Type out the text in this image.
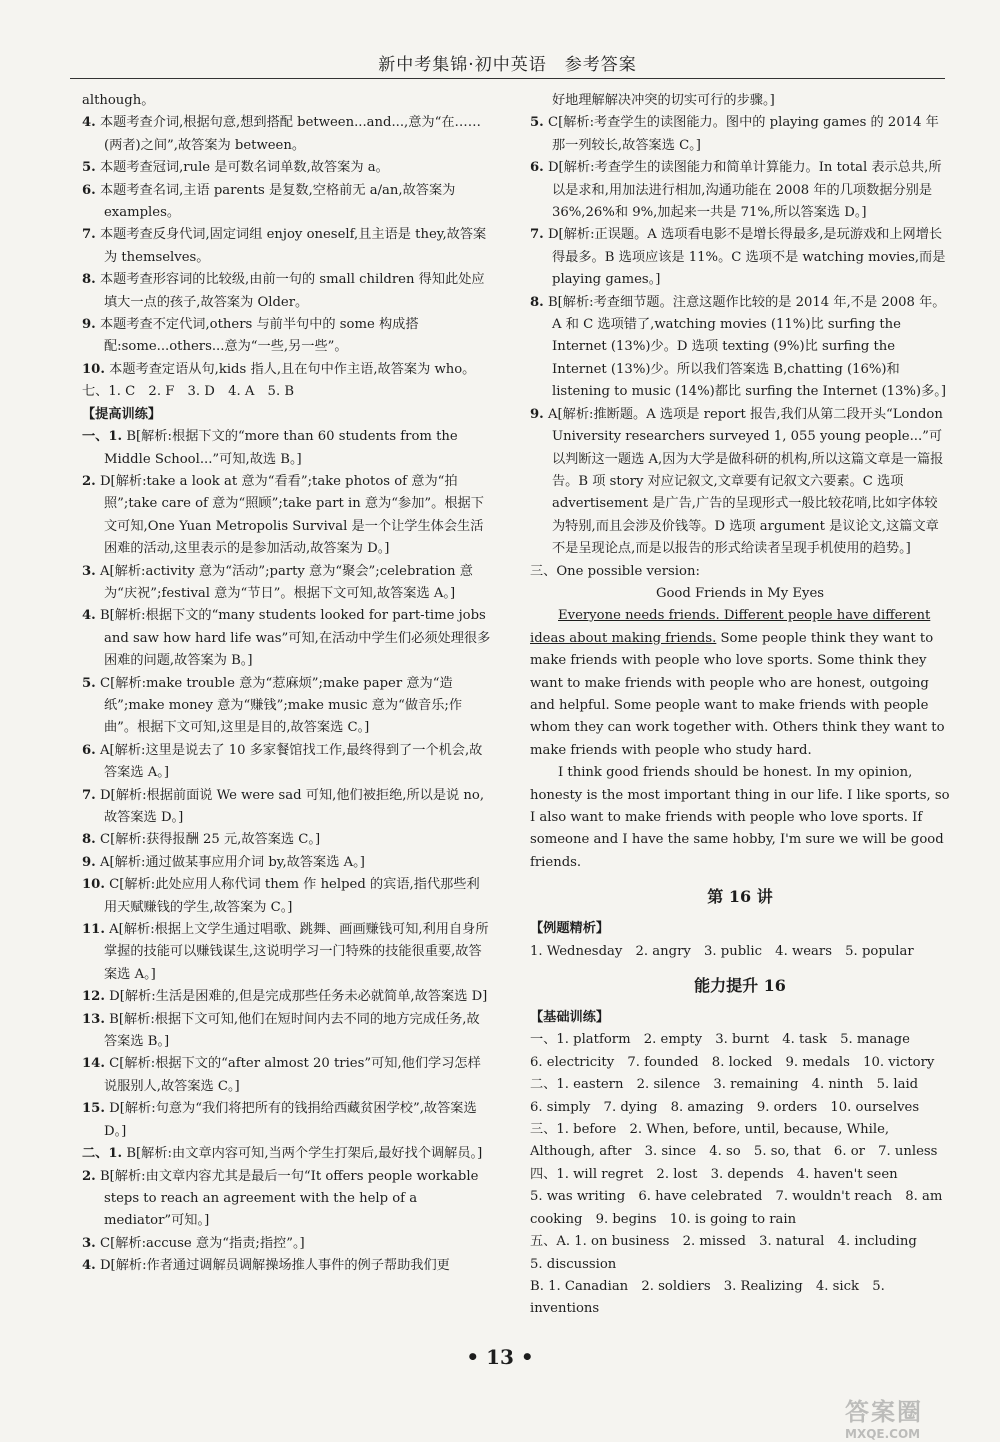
新中考集锦·初中英语　参考答案
although。
4. 本题考查介词,根据句意,想到搭配 between...and...,意为“在……(两者)之间”,故答案为 between。
5. 本题考查冠词,rule 是可数名词单数,故答案为 a。
6. 本题考查名词,主语 parents 是复数,空格前无 a/an,故答案为 examples。
7. 本题考查反身代词,固定词组 enjoy oneself,且主语是 they,故答案为 themselves。
8. 本题考查形容词的比较级,由前一句的 small children 得知此处应填大一点的孩子,故答案为 Older。
9. 本题考查不定代词,others 与前半句中的 some 构成搭配:some...others...意为“一些,另一些”。
10. 本题考查定语从句,kids 指人,且在句中作主语,故答案为 who。
七、1. C　2. F　3. D　4. A　5. B
【提高训练】
一、1. B[解析:根据下文的“more than 60 students from the Middle School...”可知,故选 B。]
2. D[解析:take a look at 意为“看看”;take photos of 意为“拍照”;take care of 意为“照顾”;take part in 意为“参加”。根据下文可知,One Yuan Metropolis Survival 是一个让学生体会生活困难的活动,这里表示的是参加活动,故答案为 D。]
3. A[解析:activity 意为“活动”;party 意为“聚会”;celebration 意为“庆祝”;festival 意为“节日”。根据下文可知,故答案选 A。]
4. B[解析:根据下文的“many students looked for part-time jobs and saw how hard life was”可知,在活动中学生们必须处理很多困难的问题,故答案为 B。]
5. C[解析:make trouble 意为“惹麻烦”;make paper 意为“造纸”;make money 意为“赚钱”;make music 意为“做音乐;作曲”。根据下文可知,这里是目的,故答案选 C。]
6. A[解析:这里是说去了 10 多家餐馆找工作,最终得到了一个机会,故答案选 A。]
7. D[解析:根据前面说 We were sad 可知,他们被拒绝,所以是说 no,故答案选 D。]
8. C[解析:获得报酬 25 元,故答案选 C。]
9. A[解析:通过做某事应用介词 by,故答案选 A。]
10. C[解析:此处应用人称代词 them 作 helped 的宾语,指代那些利用天赋赚钱的学生,故答案为 C。]
11. A[解析:根据上文学生通过唱歌、跳舞、画画赚钱可知,利用自身所掌握的技能可以赚钱谋生,这说明学习一门特殊的技能很重要,故答案选 A。]
12. D[解析:生活是困难的,但是完成那些任务未必就简单,故答案选 D]
13. B[解析:根据下文可知,他们在短时间内去不同的地方完成任务,故答案选 B。]
14. C[解析:根据下文的“after almost 20 tries”可知,他们学习怎样说服别人,故答案选 C。]
15. D[解析:句意为“我们将把所有的钱捐给西藏贫困学校”,故答案选 D。]
二、1. B[解析:由文章内容可知,当两个学生打架后,最好找个调解员。]
2. B[解析:由文章内容尤其是最后一句“It offers people workable steps to reach an agreement with the help of a mediator”可知。]
3. C[解析:accuse 意为“指责;指控”。]
4. D[解析:作者通过调解员调解操场推人事件的例子帮助我们更
好地理解解决冲突的切实可行的步骤。]
5. C[解析:考查学生的读图能力。图中的 playing games 的 2014 年那一列较长,故答案选 C。]
6. D[解析:考查学生的读图能力和简单计算能力。In total 表示总共,所以是求和,用加法进行相加,沟通功能在 2008 年的几项数据分别是 36%,26%和 9%,加起来一共是 71%,所以答案选 D。]
7. D[解析:正误题。A 选项看电影不是增长得最多,是玩游戏和上网增长得最多。B 选项应该是 11%。C 选项不是 watching movies,而是 playing games。]
8. B[解析:考查细节题。注意这题作比较的是 2014 年,不是 2008 年。A 和 C 选项错了,watching movies (11%)比 surfing the Internet (13%)少。D 选项 texting (9%)比 surfing the Internet (13%)少。所以我们答案选 B,chatting (16%)和 listening to music (14%)都比 surfing the Internet (13%)多。]
9. A[解析:推断题。A 选项是 report 报告,我们从第二段开头“London University researchers surveyed 1, 055 young people...”可以判断这一题选 A,因为大学是做科研的机构,所以这篇文章是一篇报告。B 项 story 对应记叙文,文章要有记叙文六要素。C 选项 advertisement 是广告,广告的呈现形式一般比较花哨,比如字体较为特别,而且会涉及价钱等。D 选项 argument 是议论文,这篇文章不是呈现论点,而是以报告的形式给读者呈现手机使用的趋势。]
三、One possible version:
Good Friends in My Eyes

Everyone needs friends. Different people have different ideas about making friends. Some people think they want to make friends with people who love sports. Some think they want to make friends with people who are honest, outgoing and helpful. Some people want to make friends with people whom they can work together with. Others think they want to make friends with people who study hard.

I think good friends should be honest. In my opinion, honesty is the most important thing in our life. I like sports, so I also want to make friends with people who love sports. If someone and I have the same hobby, I'm sure we will be good friends.

第 16 讲
【例题精析】
1. Wednesday　2. angry　3. public　4. wears　5. popular
能力提升 16
【基础训练】
一、1. platform　2. empty　3. burnt　4. task　5. manage
6. electricity　7. founded　8. locked　9. medals　10. victory
二、1. eastern　2. silence　3. remaining　4. ninth　5. laid
6. simply　7. dying　8. amazing　9. orders　10. ourselves
三、1. before　2. When, before, until, because, While, Although, after　3. since　4. so　5. so, that　6. or　7. unless
四、1. will regret　2. lost　3. depends　4. haven't seen
5. was writing　6. have celebrated　7. wouldn't reach　8. am cooking　9. begins　10. is going to rain
五、A. 1. on business　2. missed　3. natural　4. including
5. discussion
B. 1. Canadian　2. soldiers　3. Realizing　4. sick　5. inventions
• 13 •
答案圈
MXQE.COM
